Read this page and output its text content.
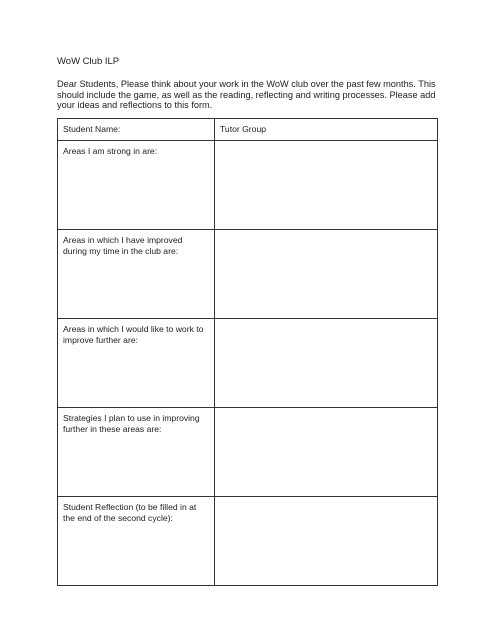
WoW Club ILP
Dear Students, Please think about your work in the WoW club over the past few months. This
should include the game, as well as the reading, reflecting and writing processes. Please add
your ideas and reflections to this form.
Student Name:	Tutor Group

Areas I am strong in are:	

Areas in which I have improved
during my time in the club are:	

Areas in which I would like to work to
improve further are:	

Strategies I plan to use in improving
further in these areas are:	

Student Reflection (to be filled in at
the end of the second cycle):	
